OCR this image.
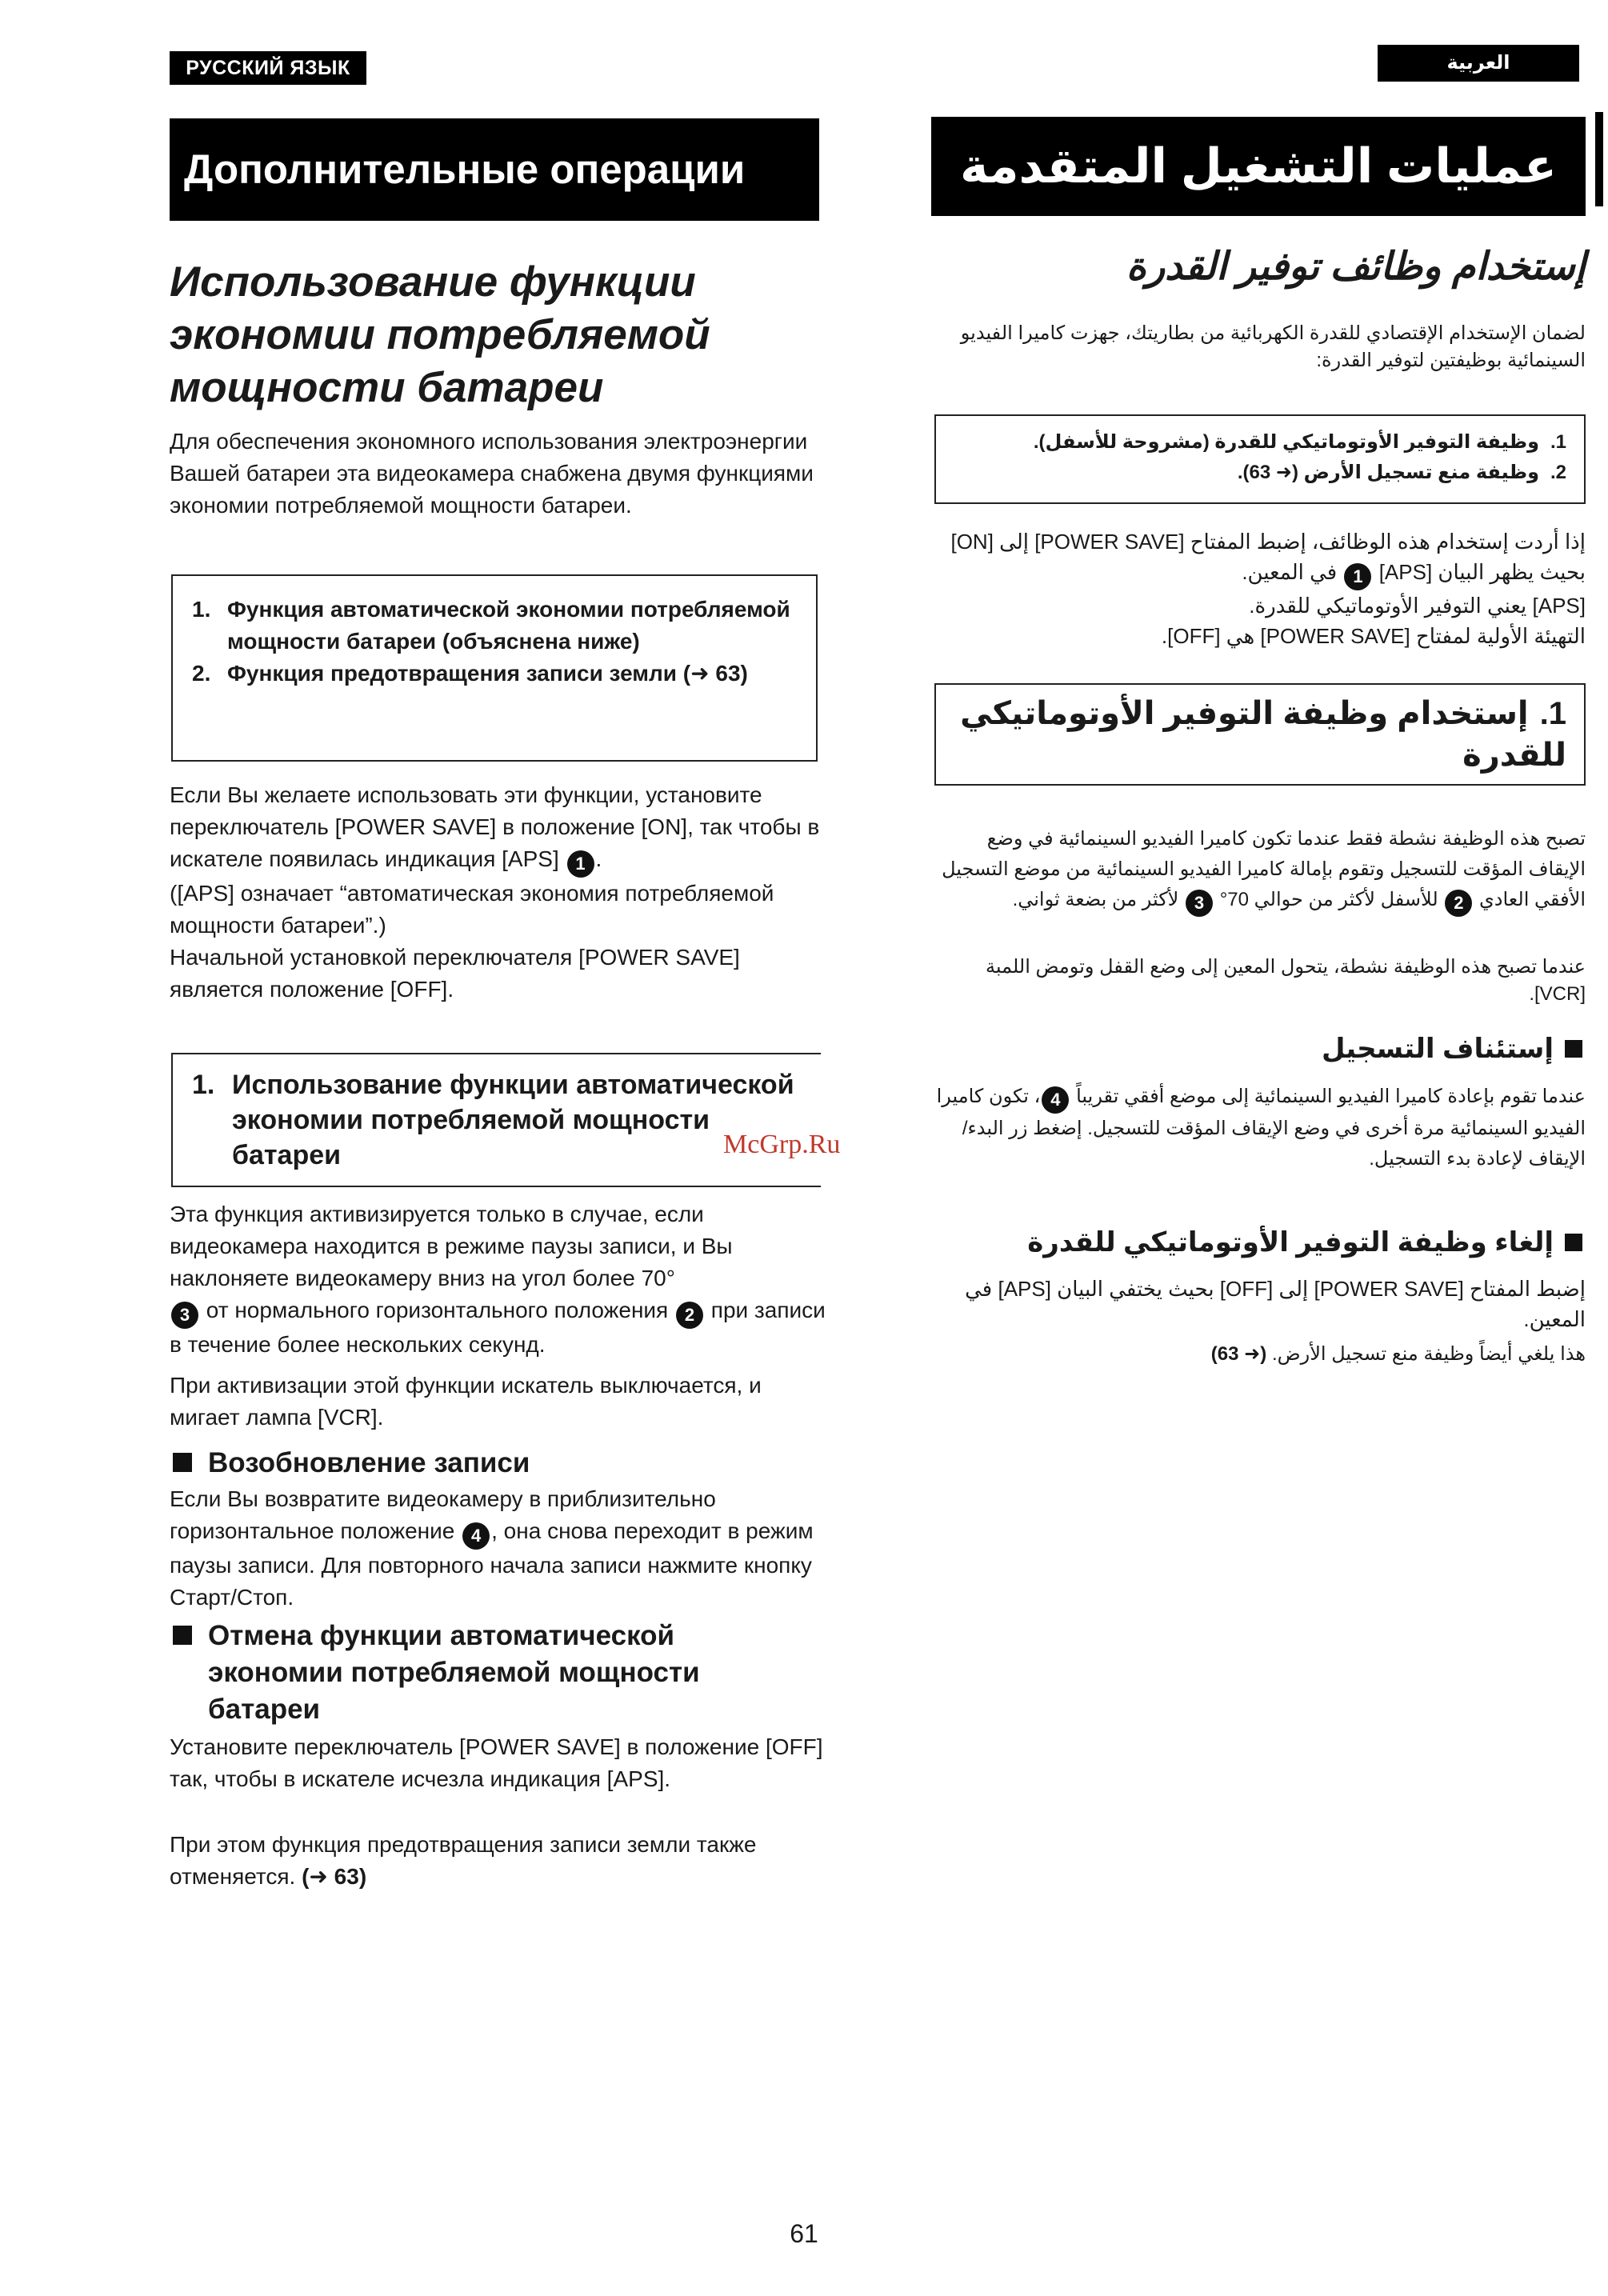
РУССКИЙ ЯЗЫК
Дополнительные операции
Использование функции экономии потребляемой мощности батареи
Для обеспечения экономного использования электроэнергии Вашей батареи эта видеокамера снабжена двумя функциями экономии потребляемой мощности батареи.
1. Функция автоматической экономии потребляемой мощности батареи (объяснена ниже)
2. Функция предотвращения записи земли (➜ 63)
Если Вы желаете использовать эти функции, установите переключатель [POWER SAVE] в положение [ON], так чтобы в искателе появилась индикация [APS] 1 .
([APS] означает “автоматическая экономия потребляемой мощности батареи”.)
Начальной установкой переключателя [POWER SAVE] является положение [OFF].
1. Использование функции автоматической экономии потребляемой мощности батареи
Эта функция активизируется только в случае, если видеокамера находится в режиме паузы записи, и Вы наклоняете видеокамеру вниз на угол более 70°
3 от нормального горизонтального положения 2 при записи в течение более нескольких секунд.
При активизации этой функции искатель выключается, и мигает лампа [VCR].
Возобновление записи
Если Вы возвратите видеокамеру в приблизительно горизонтальное положение 4 , она снова переходит в режим паузы записи. Для повторного начала записи нажмите кнопку Старт/Стоп.
Отмена функции автоматической экономии потребляемой мощности батареи
Установите переключатель [POWER SAVE] в положение [OFF] так, чтобы в искателе исчезла индикация [APS].
При этом функция предотвращения записи земли также отменяется. (➜ 63)
العربية
عمليات التشغيل المتقدمة
إستخدام وظائف توفير القدرة
لضمان الإستخدام الإقتصادي للقدرة الكهربائية من بطاريتك، جهزت كاميرا الفيديو السينمائية بوظيفتين لتوفير القدرة:
1.
وظيفة التوفير الأوتوماتيكي للقدرة (مشروحة للأسفل).
2.
وظيفة منع تسجيل الأرض (➜ 63).
إذا أردت إستخدام هذه الوظائف، إضبط المفتاح [POWER SAVE] إلى [ON] بحيث يظهر البيان [APS] 1 في المعين.
[APS] يعني التوفير الأوتوماتيكي للقدرة.
التهيئة الأولية لمفتاح [POWER SAVE] هي [OFF].
1.إستخدام وظيفة التوفير الأوتوماتيكي للقدرة
تصبح هذه الوظيفة نشطة فقط عندما تكون كاميرا الفيديو السينمائية في وضع الإيقاف المؤقت للتسجيل وتقوم بإمالة كاميرا الفيديو السينمائية من موضع التسجيل الأفقي العادي 2 للأسفل لأكثر من حوالي 70° 3 لأكثر من بضعة ثواني.
عندما تصبح هذه الوظيفة نشطة، يتحول المعين إلى وضع القفل وتومض اللمبة [VCR].
إستئناف التسجيل
عندما تقوم بإعادة كاميرا الفيديو السينمائية إلى موضع أفقي تقريباً 4، تكون كاميرا الفيديو السينمائية مرة أخرى في وضع الإيقاف المؤقت للتسجيل. إضغط زر البدء/الإيقاف لإعادة بدء التسجيل.
إلغاء وظيفة التوفير الأوتوماتيكي للقدرة
إضبط المفتاح [POWER SAVE] إلى [OFF] بحيث يختفي البيان [APS] في المعين.
هذا يلغي أيضاً وظيفة منع تسجيل الأرض. (➜ 63)
McGrp.Ru
61
